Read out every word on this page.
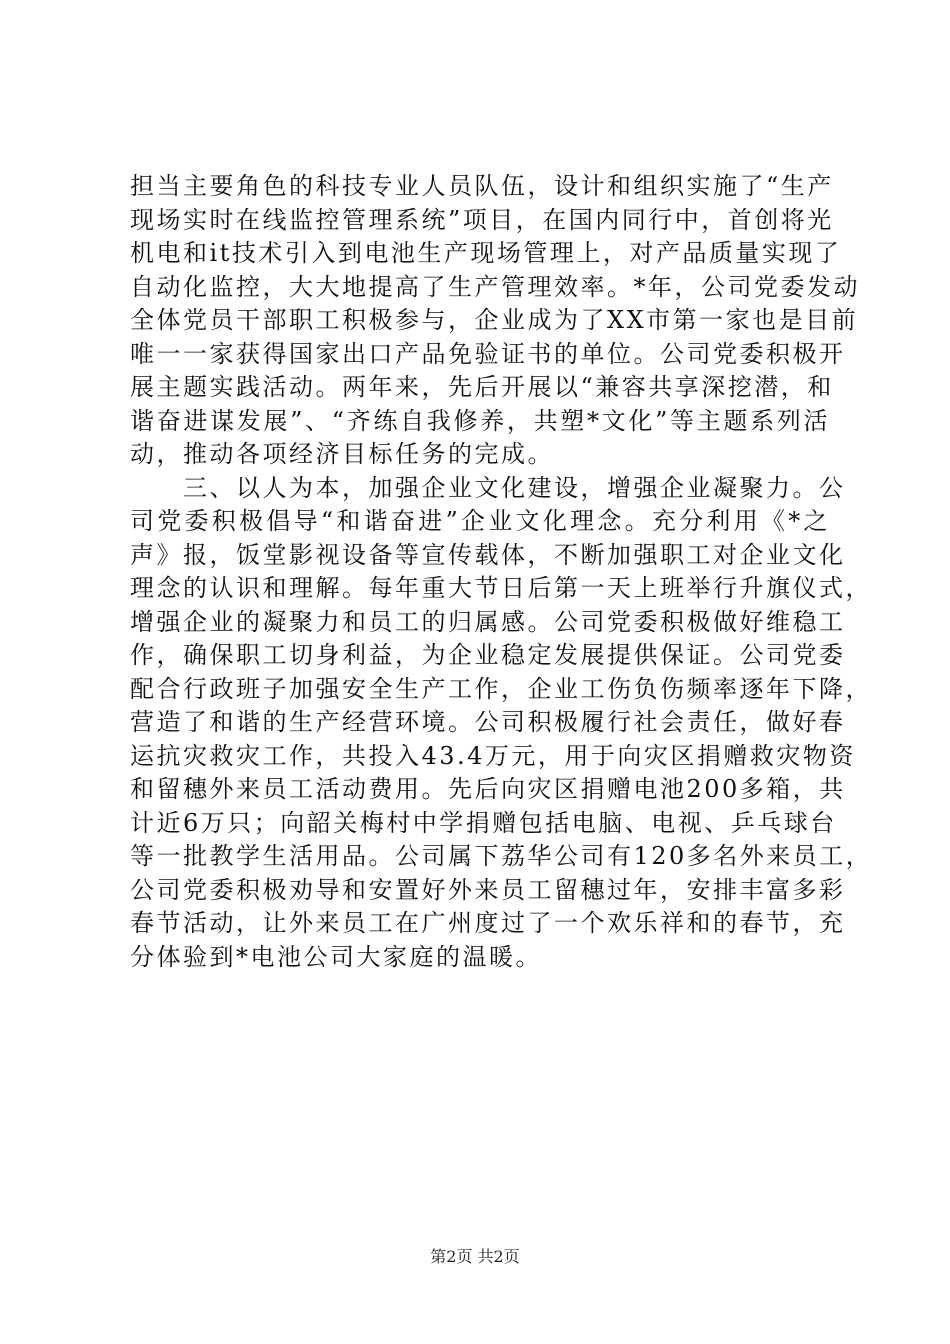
担当主要角色的科技专业人员队伍，设计和组织实施了“生产
现场实时在线监控管理系统”项目，在国内同行中，首创将光
机电和it技术引入到电池生产现场管理上，对产品质量实现了
自动化监控，大大地提高了生产管理效率。*年，公司党委发动
全体党员干部职工积极参与，企业成为了XX市第一家也是目前
唯一一家获得国家出口产品免验证书的单位。公司党委积极开
展主题实践活动。两年来，先后开展以“兼容共享深挖潜，和
谐奋进谋发展”、“齐练自我修养，共塑*文化”等主题系列活
动，推动各项经济目标任务的完成。
　　三、以人为本，加强企业文化建设，增强企业凝聚力。公
司党委积极倡导“和谐奋进”企业文化理念。充分利用《*之
声》报，饭堂影视设备等宣传载体，不断加强职工对企业文化
理念的认识和理解。每年重大节日后第一天上班举行升旗仪式，
增强企业的凝聚力和员工的归属感。公司党委积极做好维稳工
作，确保职工切身利益，为企业稳定发展提供保证。公司党委
配合行政班子加强安全生产工作，企业工伤负伤频率逐年下降，
营造了和谐的生产经营环境。公司积极履行社会责任，做好春
运抗灾救灾工作，共投入43.4万元，用于向灾区捐赠救灾物资
和留穗外来员工活动费用。先后向灾区捐赠电池200多箱，共
计近6万只；向韶关梅村中学捐赠包括电脑、电视、乒乓球台
等一批教学生活用品。公司属下荔华公司有120多名外来员工，
公司党委积极劝导和安置好外来员工留穗过年，安排丰富多彩
春节活动，让外来员工在广州度过了一个欢乐祥和的春节，充
分体验到*电池公司大家庭的温暖。
第2页 共2页
